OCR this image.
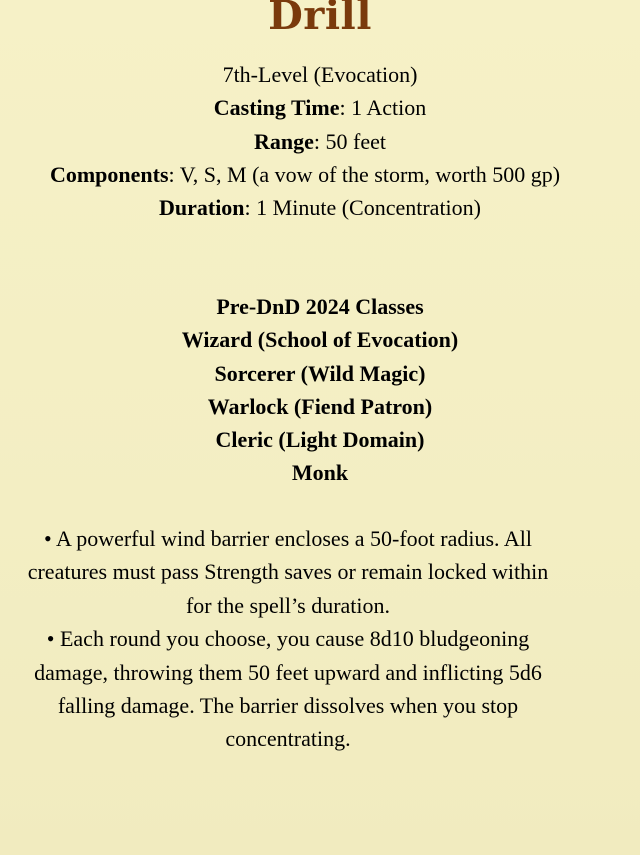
Drill
7th-Level (Evocation)
Casting Time: 1 Action
Range: 50 feet
Components: V, S, M (a vow of the storm, worth 500 gp)
Duration: 1 Minute (Concentration)
Pre-DnD 2024 Classes
Wizard (School of Evocation)
Sorcerer (Wild Magic)
Warlock (Fiend Patron)
Cleric (Light Domain)
Monk
• A powerful wind barrier encloses a 50-foot radius. All creatures must pass Strength saves or remain locked within for the spell’s duration.
• Each round you choose, you cause 8d10 bludgeoning damage, throwing them 50 feet upward and inflicting 5d6 falling damage. The barrier dissolves when you stop concentrating.
